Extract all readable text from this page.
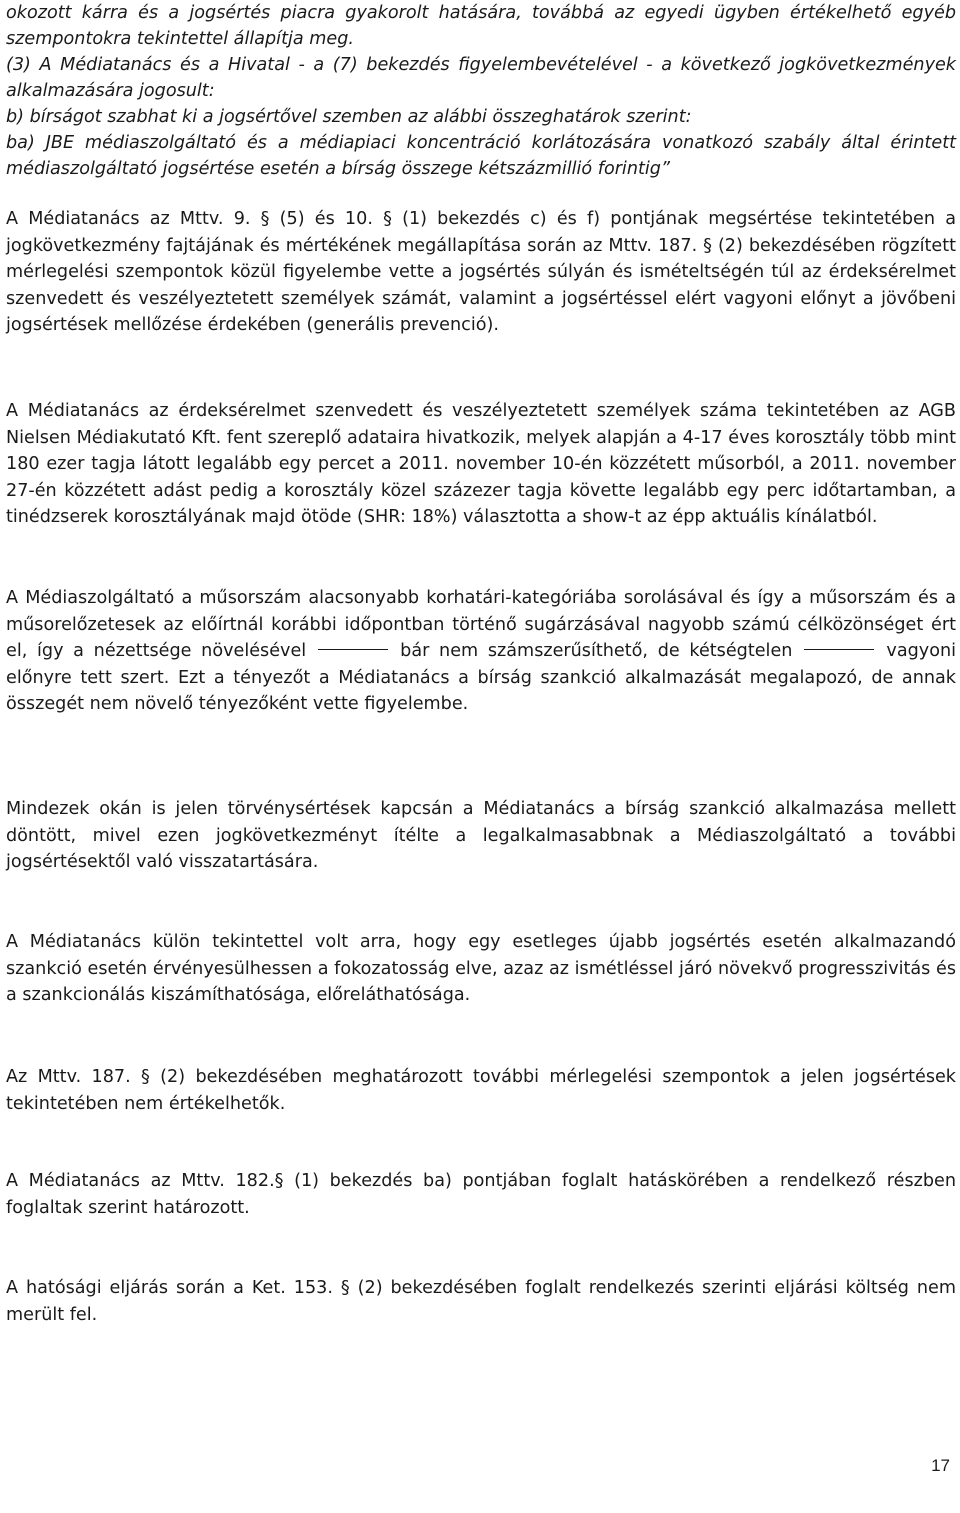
okozott kárra és a jogsértés piacra gyakorolt hatására, továbbá az egyedi ügyben értékelhető egyéb szempontokra tekintettel állapítja meg.

(3) A Médiatanács és a Hivatal - a (7) bekezdés figyelembevételével - a következő jogkövetkezmények alkalmazására jogosult:

b) bírságot szabhat ki a jogsértővel szemben az alábbi összeghatárok szerint:

ba) JBE médiaszolgáltató és a médiapiaci koncentráció korlátozására vonatkozó szabály által érintett médiaszolgáltató jogsértése esetén a bírság összege kétszázmillió forintig”

A Médiatanács az Mttv. 9. § (5) és 10. § (1) bekezdés c) és f) pontjának megsértése tekintetében a jogkövetkezmény fajtájának és mértékének megállapítása során az Mttv. 187. § (2) bekezdésében rögzített mérlegelési szempontok közül figyelembe vette a jogsértés súlyán és ismételtségén túl az érdeksérelmet szenvedett és veszélyeztetett személyek számát, valamint a jogsértéssel elért vagyoni előnyt a jövőbeni jogsértések mellőzése érdekében (generális prevenció).

A Médiatanács az érdeksérelmet szenvedett és veszélyeztetett személyek száma tekintetében az AGB Nielsen Médiakutató Kft. fent szereplő adataira hivatkozik, melyek alapján a 4-17 éves korosztály több mint 180 ezer tagja látott legalább egy percet a 2011. november 10-én közzétett műsorból, a 2011. november 27-én közzétett adást pedig a korosztály közel százezer tagja követte legalább egy perc időtartamban, a tinédzserek korosztályának majd ötöde (SHR: 18%) választotta a show-t az épp aktuális kínálatból.

A Médiaszolgáltató a műsorszám alacsonyabb korhatári-kategóriába sorolásával és így a műsorszám és a műsorelőzetesek az előírtnál korábbi időpontban történő sugárzásával nagyobb számú célközönséget ért el, így a nézettsége növelésével	bár nem számszerűsíthető, de kétségtelen	vagyoni előnyre tett szert. Ezt a tényezőt a Médiatanács a bírság szankció alkalmazását megalapozó, de annak összegét nem növelő tényezőként vette figyelembe.

Mindezek okán is jelen törvénysértések kapcsán a Médiatanács a bírság szankció alkalmazása mellett döntött, mivel ezen jogkövetkezményt ítélte a legalkalmasabbnak a Médiaszolgáltató a további jogsértésektől való visszatartására.

A Médiatanács külön tekintettel volt arra, hogy egy esetleges újabb jogsértés esetén alkalmazandó szankció esetén érvényesülhessen a fokozatosság elve, azaz az ismétléssel járó növekvő progresszivitás és a szankcionálás kiszámíthatósága, előreláthatósága.

Az Mttv. 187. § (2) bekezdésében meghatározott további mérlegelési szempontok a jelen jogsértések tekintetében nem értékelhetők.

A Médiatanács az Mttv. 182.§ (1) bekezdés ba) pontjában foglalt hatáskörében a rendelkező részben foglaltak szerint határozott.

A hatósági eljárás során a Ket. 153. § (2) bekezdésében foglalt rendelkezés szerinti eljárási költség nem merült fel.

17
